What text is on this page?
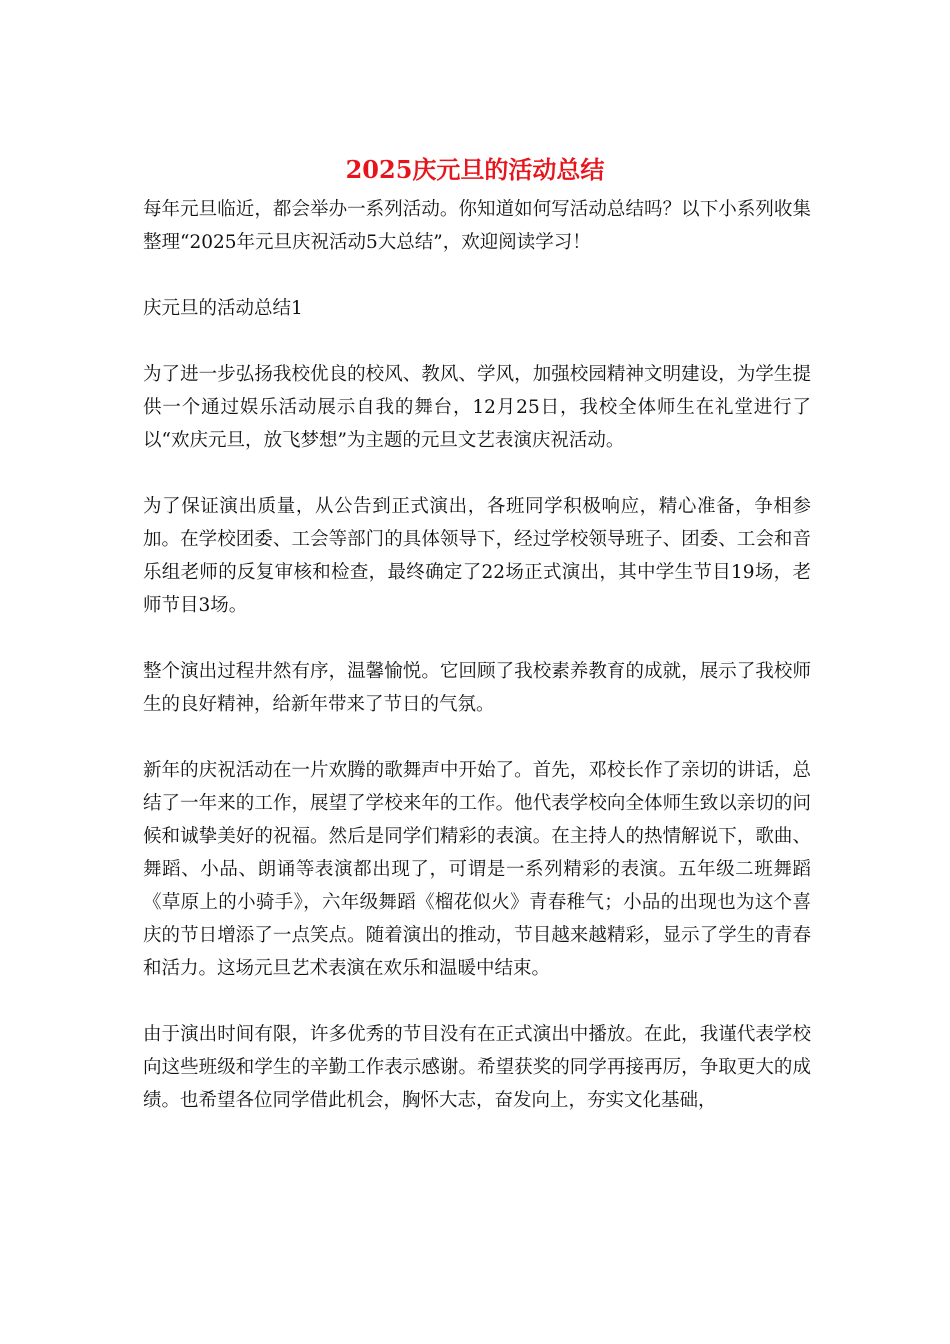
2025庆元旦的活动总结

每年元旦临近，都会举办一系列活动。你知道如何写活动总结吗？以下小系列收集整理“2025年元旦庆祝活动5大总结”，欢迎阅读学习！

庆元旦的活动总结1

为了进一步弘扬我校优良的校风、教风、学风，加强校园精神文明建设，为学生提供一个通过娱乐活动展示自我的舞台，12月25日，我校全体师生在礼堂进行了以“欢庆元旦，放飞梦想”为主题的元旦文艺表演庆祝活动。

为了保证演出质量，从公告到正式演出，各班同学积极响应，精心准备，争相参加。在学校团委、工会等部门的具体领导下，经过学校领导班子、团委、工会和音乐组老师的反复审核和检查，最终确定了22场正式演出，其中学生节目19场，老师节目3场。

整个演出过程井然有序，温馨愉悦。它回顾了我校素养教育的成就，展示了我校师生的良好精神，给新年带来了节日的气氛。

新年的庆祝活动在一片欢腾的歌舞声中开始了。首先，邓校长作了亲切的讲话，总结了一年来的工作，展望了学校来年的工作。他代表学校向全体师生致以亲切的问候和诚挚美好的祝福。然后是同学们精彩的表演。在主持人的热情解说下，歌曲、舞蹈、小品、朗诵等表演都出现了，可谓是一系列精彩的表演。五年级二班舞蹈《草原上的小骑手》，六年级舞蹈《榴花似火》青春稚气；小品的出现也为这个喜庆的节日增添了一点笑点。随着演出的推动，节目越来越精彩，显示了学生的青春和活力。这场元旦艺术表演在欢乐和温暖中结束。

由于演出时间有限，许多优秀的节目没有在正式演出中播放。在此，我谨代表学校向这些班级和学生的辛勤工作表示感谢。希望获奖的同学再接再厉，争取更大的成绩。也希望各位同学借此机会，胸怀大志，奋发向上，夯实文化基础，
